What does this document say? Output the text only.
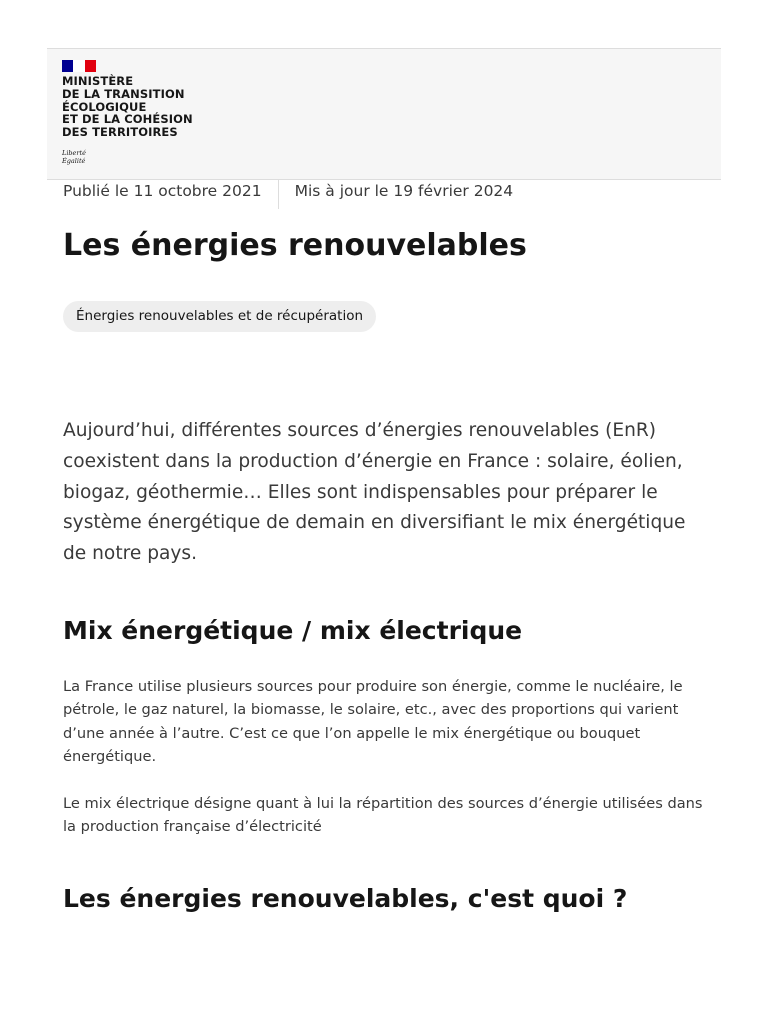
MINISTÈRE
DE LA TRANSITION
ÉCOLOGIQUE
ET DE LA COHÉSION
DES TERRITOIRES
Liberté
Égalité
Publié le 11 octobre 2021	Mis à jour le 19 février 2024
Les énergies renouvelables
Énergies renouvelables et de récupération

Aujourd’hui, différentes sources d’énergies renouvelables (EnR) coexistent dans la production d’énergie en France : solaire, éolien, biogaz, géothermie… Elles sont indispensables pour préparer le système énergétique de demain en diversifiant le mix énergétique de notre pays.

Mix énergétique / mix électrique

La France utilise plusieurs sources pour produire son énergie, comme le nucléaire, le pétrole, le gaz naturel, la biomasse, le solaire, etc., avec des proportions qui varient d’une année à l’autre. C’est ce que l’on appelle le mix énergétique ou bouquet énergétique.

Le mix électrique désigne quant à lui la répartition des sources d’énergie utilisées dans la production française d’électricité

Les énergies renouvelables, c'est quoi ?
